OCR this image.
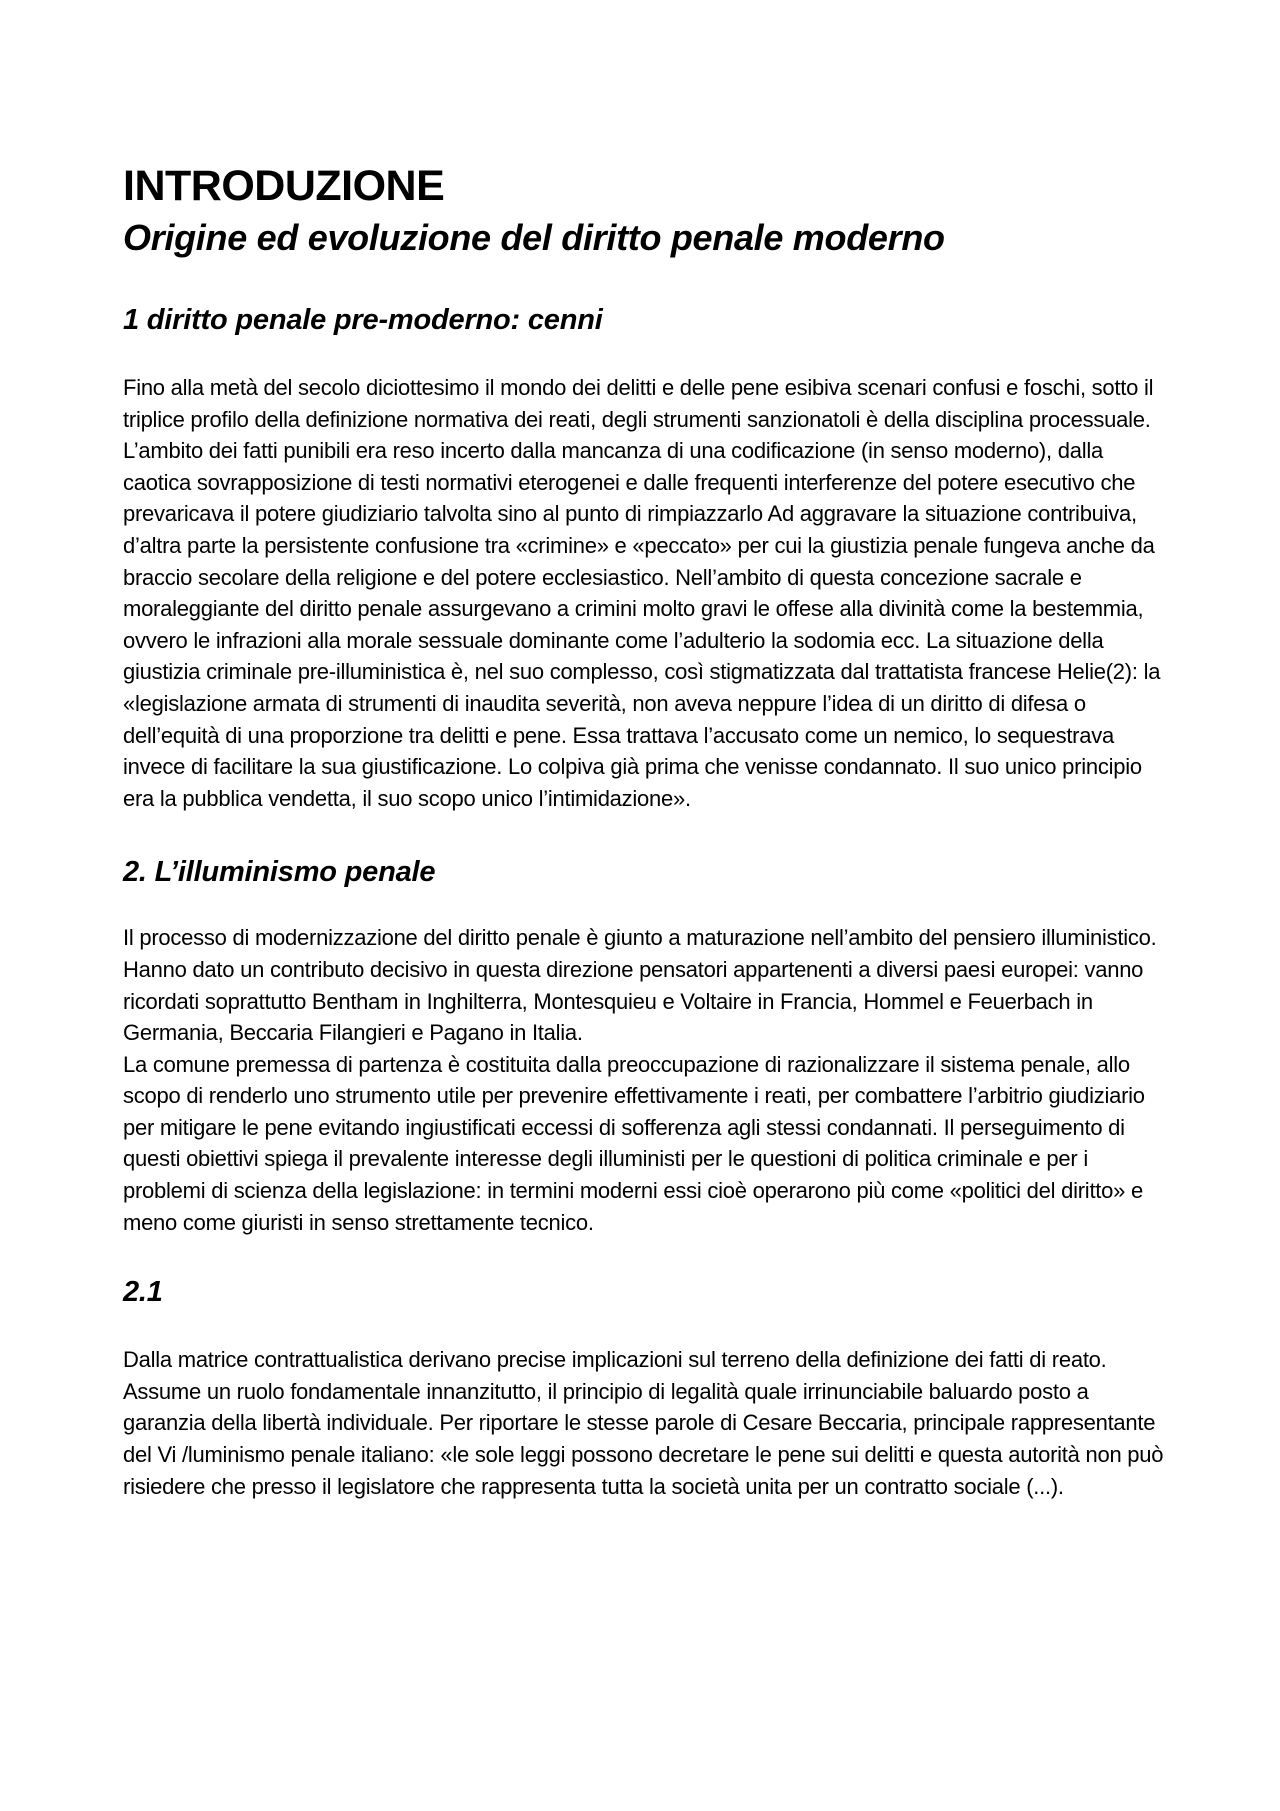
INTRODUZIONE
Origine ed evoluzione del diritto penale moderno
1 diritto penale pre-moderno: cenni

Fino alla metà del secolo diciottesimo il mondo dei delitti e delle pene esibiva scenari confusi e foschi, sotto il triplice profilo della definizione normativa dei reati, degli strumenti sanzionatoli è della disciplina processuale. L’ambito dei fatti punibili era reso incerto dalla mancanza di una codificazione (in senso moderno), dalla caotica sovrapposizione di testi normativi eterogenei e dalle frequenti interferenze del potere esecutivo che prevaricava il potere giudiziario talvolta sino al punto di rimpiazzarlo Ad aggravare la situazione contribuiva, d’altra parte la persistente confusione tra «crimine» e «peccato» per cui la giustizia penale fungeva anche da braccio secolare della religione e del potere ecclesiastico. Nell’ambito di questa concezione sacrale e moraleggiante del diritto penale assurgevano a crimini molto gravi le offese alla divinità come la bestemmia, ovvero le infrazioni alla morale sessuale dominante come l’adulterio la sodomia ecc. La situazione della giustizia criminale pre-illuministica è, nel suo complesso, così stigmatizzata dal trattatista francese Helie(2): la «legislazione armata di strumenti di inaudita severità, non aveva neppure l’idea di un diritto di difesa o dell’equità di una proporzione tra delitti e pene. Essa trattava l’accusato come un nemico, lo sequestrava invece di facilitare la sua giustificazione. Lo colpiva già prima che venisse condannato. Il suo unico principio era la pubblica vendetta, il suo scopo unico l’intimidazione».

2. L’illuminismo penale

Il processo di modernizzazione del diritto penale è giunto a maturazione nell’ambito del pensiero illuministico. Hanno dato un contributo decisivo in questa direzione pensatori appartenenti a diversi paesi europei: vanno ricordati soprattutto Bentham in Inghilterra, Montesquieu e Voltaire in Francia, Hommel e Feuerbach in Germania, Beccaria Filangieri e Pagano in Italia.

La comune premessa di partenza è costituita dalla preoccupazione di razionalizzare il sistema penale, allo scopo di renderlo uno strumento utile per prevenire effettivamente i reati, per combattere l’arbitrio giudiziario per mitigare le pene evitando ingiustificati eccessi di sofferenza agli stessi condannati. Il perseguimento di questi obiettivi spiega il prevalente interesse degli illuministi per le questioni di politica criminale e per i problemi di scienza della legislazione: in termini moderni essi cioè operarono più come «politici del diritto» e meno come giuristi in senso strettamente tecnico.

2.1

Dalla matrice contrattualistica derivano precise implicazioni sul terreno della definizione dei fatti di reato. Assume un ruolo fondamentale innanzitutto, il principio di legalità quale irrinunciabile baluardo posto a garanzia della libertà individuale. Per riportare le stesse parole di Cesare Beccaria, principale rappresentante del Vi /luminismo penale italiano: «le sole leggi possono decretare le pene sui delitti e questa autorità non può risiedere che presso il legislatore che rappresenta tutta la società unita per un contratto sociale (...).
